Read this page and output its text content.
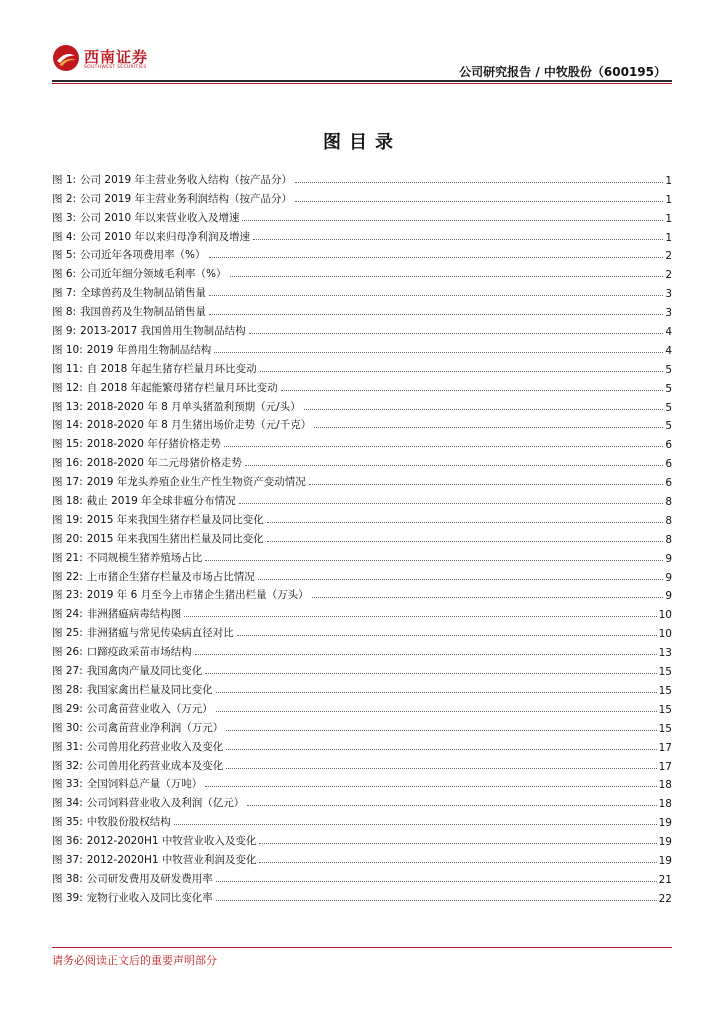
西南证券
SOUTHWEST SECURITIES	公司研究报告 / 中牧股份（600195）
图目录
图 1: 公司 2019 年主营业务收入结构（按产品分）	1
图 2: 公司 2019 年主营业务利润结构（按产品分）	1
图 3: 公司 2010 年以来营业收入及增速	1
图 4: 公司 2010 年以来归母净利润及增速	1
图 5: 公司近年各项费用率（%）	2
图 6: 公司近年细分领域毛利率（%）	2
图 7: 全球兽药及生物制品销售量	3
图 8: 我国兽药及生物制品销售量	3
图 9: 2013-2017 我国兽用生物制品结构	4
图 10: 2019 年兽用生物制品结构	4
图 11: 自 2018 年起生猪存栏量月环比变动	5
图 12: 自 2018 年起能繁母猪存栏量月环比变动	5
图 13: 2018-2020 年 8 月单头猪盈利预期（元/头）	5
图 14: 2018-2020 年 8 月生猪出场价走势（元/千克）	5
图 15: 2018-2020 年仔猪价格走势	6
图 16: 2018-2020 年二元母猪价格走势	6
图 17: 2019 年龙头养殖企业生产性生物资产变动情况	6
图 18: 截止 2019 年全球非瘟分布情况	8
图 19: 2015 年来我国生猪存栏量及同比变化	8
图 20: 2015 年来我国生猪出栏量及同比变化	8
图 21: 不同规模生猪养殖场占比	9
图 22: 上市猪企生猪存栏量及市场占比情况	9
图 23: 2019 年 6 月至今上市猪企生猪出栏量（万头）	9
图 24: 非洲猪瘟病毒结构图	10
图 25: 非洲猪瘟与常见传染病直径对比	10
图 26: 口蹄疫政采苗市场结构	13
图 27: 我国禽肉产量及同比变化	15
图 28: 我国家禽出栏量及同比变化	15
图 29: 公司禽苗营业收入（万元）	15
图 30: 公司禽苗营业净利润（万元）	15
图 31: 公司兽用化药营业收入及变化	17
图 32: 公司兽用化药营业成本及变化	17
图 33: 全国饲料总产量（万吨）	18
图 34: 公司饲料营业收入及利润（亿元）	18
图 35: 中牧股份股权结构	19
图 36: 2012-2020H1 中牧营业收入及变化	19
图 37: 2012-2020H1 中牧营业利润及变化	19
图 38: 公司研发费用及研发费用率	21
图 39: 宠物行业收入及同比变化率	22
请务必阅读正文后的重要声明部分
